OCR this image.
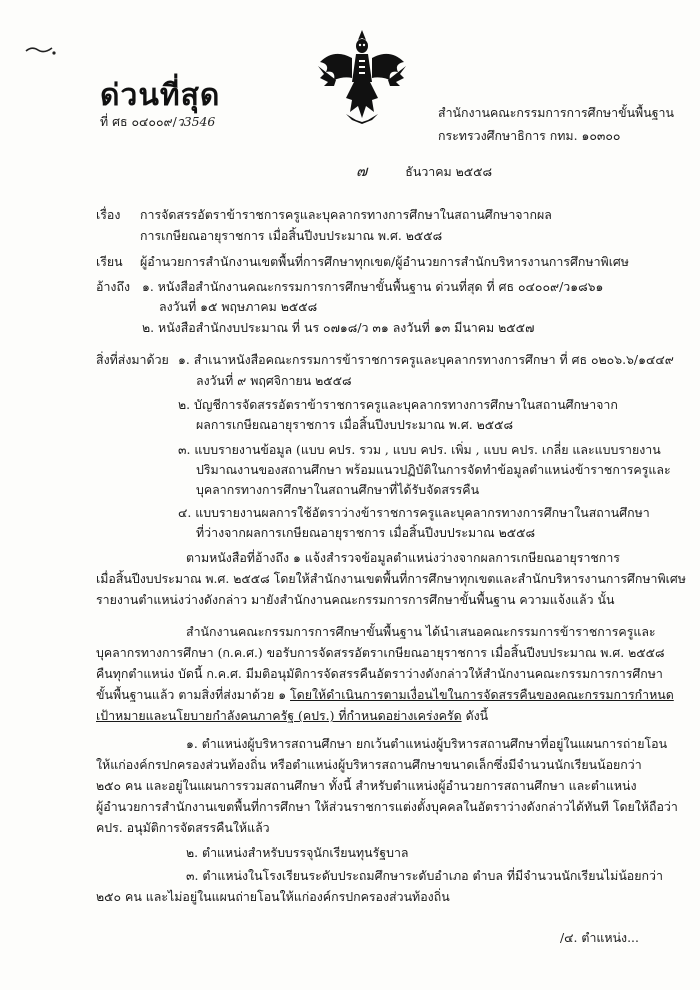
ด่วนที่สุด
ที่ ศธ ๐๔๐๐๙/ว3546
สำนักงานคณะกรรมการการศึกษาขั้นพื้นฐาน
กระทรวงศึกษาธิการ กทม. ๑๐๓๐๐
๗	ธันวาคม ๒๕๕๘
เรื่อง การจัดสรรอัตราข้าราชการครูและบุคลากรทางการศึกษาในสถานศึกษาจากผล
การเกษียณอายุราชการ เมื่อสิ้นปีงบประมาณ พ.ศ. ๒๕๕๘
เรียน ผู้อำนวยการสำนักงานเขตพื้นที่การศึกษาทุกเขต/ผู้อำนวยการสำนักบริหารงานการศึกษาพิเศษ
อ้างถึง ๑. หนังสือสำนักงานคณะกรรมการการศึกษาขั้นพื้นฐาน ด่วนที่สุด ที่ ศธ ๐๔๐๐๙/ว๑๘๖๑
ลงวันที่ ๑๕ พฤษภาคม ๒๕๕๘
๒. หนังสือสำนักงบประมาณ ที่ นร ๐๗๑๘/ว ๓๑ ลงวันที่ ๑๓ มีนาคม ๒๕๕๗
สิ่งที่ส่งมาด้วย ๑. สำเนาหนังสือคณะกรรมการข้าราชการครูและบุคลากรทางการศึกษา ที่ ศธ ๐๒๐๖.๖/๑๔๔๙
ลงวันที่ ๙ พฤศจิกายน ๒๕๕๘
๒. บัญชีการจัดสรรอัตราข้าราชการครูและบุคลากรทางการศึกษาในสถานศึกษาจาก
ผลการเกษียณอายุราชการ เมื่อสิ้นปีงบประมาณ พ.ศ. ๒๕๕๘
๓. แบบรายงานข้อมูล (แบบ คปร. รวม , แบบ คปร. เพิ่ม , แบบ คปร. เกลี่ย และแบบรายงาน
ปริมาณงานของสถานศึกษา พร้อมแนวปฏิบัติในการจัดทำข้อมูลตำแหน่งข้าราชการครูและ
บุคลากรทางการศึกษาในสถานศึกษาที่ได้รับจัดสรรคืน
๔. แบบรายงานผลการใช้อัตราว่างข้าราชการครูและบุคลากรทางการศึกษาในสถานศึกษา
ที่ว่างจากผลการเกษียณอายุราชการ เมื่อสิ้นปีงบประมาณ ๒๕๕๘
ตามหนังสือที่อ้างถึง ๑ แจ้งสำรวจข้อมูลตำแหน่งว่างจากผลการเกษียณอายุราชการ
เมื่อสิ้นปีงบประมาณ พ.ศ. ๒๕๕๘ โดยให้สำนักงานเขตพื้นที่การศึกษาทุกเขตและสำนักบริหารงานการศึกษาพิเศษ
รายงานตำแหน่งว่างดังกล่าว มายังสำนักงานคณะกรรมการการศึกษาขั้นพื้นฐาน ความแจ้งแล้ว นั้น
สำนักงานคณะกรรมการการศึกษาขั้นพื้นฐาน ได้นำเสนอคณะกรรมการข้าราชการครูและ
บุคลากรทางการศึกษา (ก.ค.ศ.) ขอรับการจัดสรรอัตราเกษียณอายุราชการ เมื่อสิ้นปีงบประมาณ พ.ศ. ๒๕๕๘
คืนทุกตำแหน่ง บัดนี้ ก.ค.ศ. มีมติอนุมัติการจัดสรรคืนอัตราว่างดังกล่าวให้สำนักงานคณะกรรมการการศึกษา
ขั้นพื้นฐานแล้ว ตามสิ่งที่ส่งมาด้วย ๑ โดยให้ดำเนินการตามเงื่อนไขในการจัดสรรคืนของคณะกรรมการกำหนด
เป้าหมายและนโยบายกำลังคนภาครัฐ (คปร.) ที่กำหนดอย่างเคร่งครัด ดังนี้
๑. ตำแหน่งผู้บริหารสถานศึกษา ยกเว้นตำแหน่งผู้บริหารสถานศึกษาที่อยู่ในแผนการถ่ายโอน
ให้แก่องค์กรปกครองส่วนท้องถิ่น หรือตำแหน่งผู้บริหารสถานศึกษาขนาดเล็กซึ่งมีจำนวนนักเรียนน้อยกว่า
๒๕๐ คน และอยู่ในแผนการรวมสถานศึกษา ทั้งนี้ สำหรับตำแหน่งผู้อำนวยการสถานศึกษา และตำแหน่ง
ผู้อำนวยการสำนักงานเขตพื้นที่การศึกษา ให้ส่วนราชการแต่งตั้งบุคคลในอัตราว่างดังกล่าวได้ทันที โดยให้ถือว่า
คปร. อนุมัติการจัดสรรคืนให้แล้ว
๒. ตำแหน่งสำหรับบรรจุนักเรียนทุนรัฐบาล
๓. ตำแหน่งในโรงเรียนระดับประถมศึกษาระดับอำเภอ ตำบล ที่มีจำนวนนักเรียนไม่น้อยกว่า
๒๕๐ คน และไม่อยู่ในแผนถ่ายโอนให้แก่องค์กรปกครองส่วนท้องถิ่น
/๔. ตำแหน่ง...
